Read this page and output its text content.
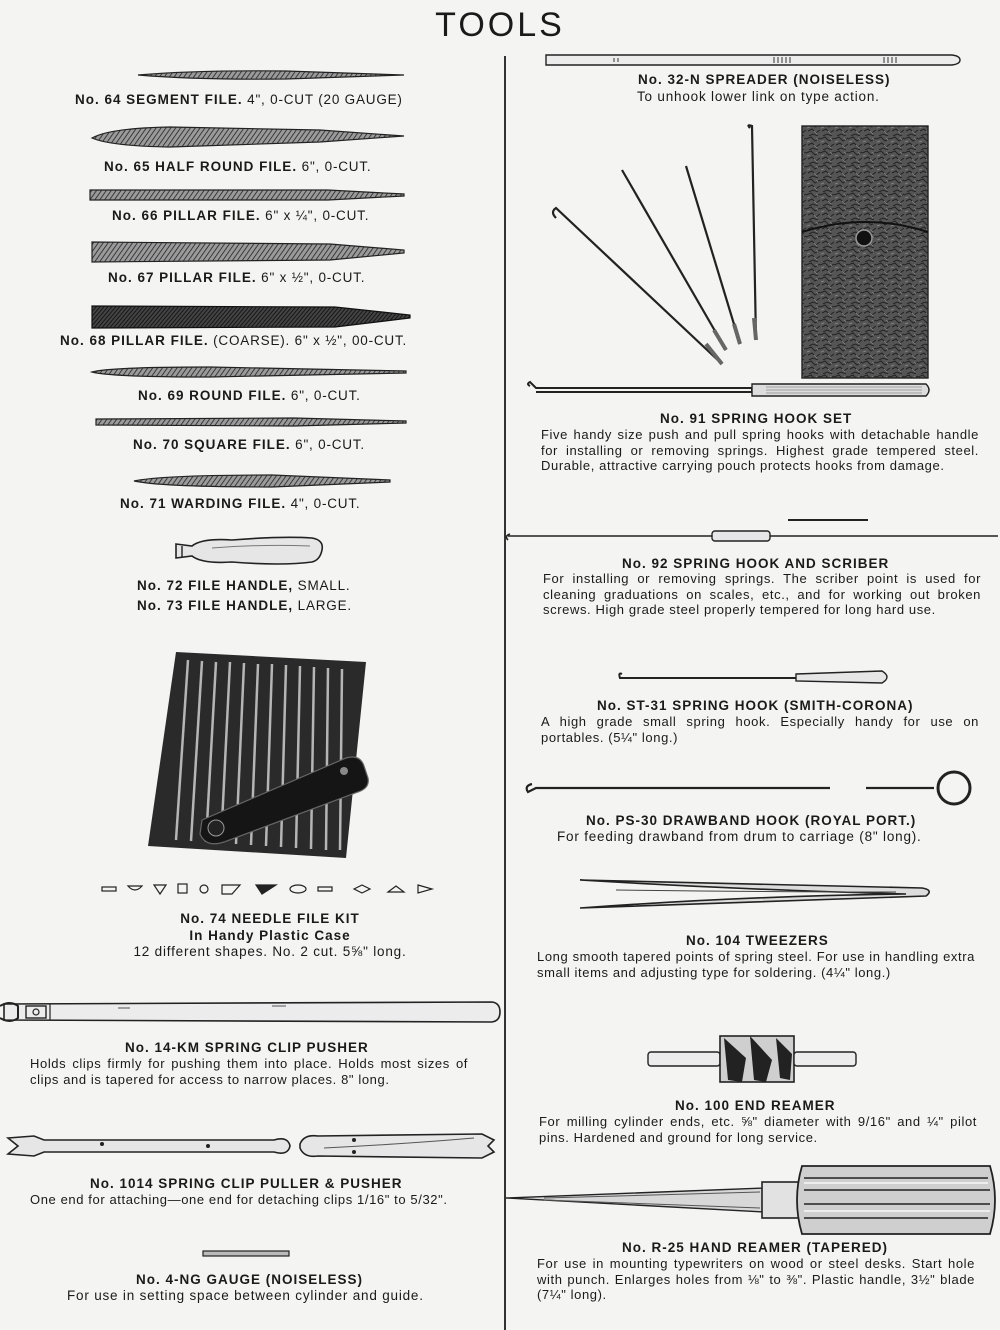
TOOLS
No. 64 SEGMENT FILE. 4", 0-CUT (20 GAUGE)
No. 65 HALF ROUND FILE. 6", 0-CUT.
No. 66 PILLAR FILE. 6" x ¼", 0-CUT.
No. 67 PILLAR FILE. 6" x ½", 0-CUT.
No. 68 PILLAR FILE. (COARSE). 6" x ½", 00-CUT.
No. 69 ROUND FILE. 6", 0-CUT.
No. 70 SQUARE FILE. 6", 0-CUT.
No. 71 WARDING FILE. 4", 0-CUT.
No. 72 FILE HANDLE, SMALL.
No. 73 FILE HANDLE, LARGE.
No. 74 NEEDLE FILE KIT
In Handy Plastic Case
12 different shapes. No. 2 cut. 5⅝" long.
No. 14-KM SPRING CLIP PUSHER
Holds clips firmly for pushing them into place. Holds most sizes of clips and is tapered for access to narrow places. 8" long.
No. 1014 SPRING CLIP PULLER & PUSHER
One end for attaching—one end for detaching clips 1/16" to 5/32".
No. 4-NG GAUGE (NOISELESS)
For use in setting space between cylinder and guide.
No. 32-N SPREADER (NOISELESS)
To unhook lower link on type action.
No. 91 SPRING HOOK SET
Five handy size push and pull spring hooks with detachable handle for installing or removing springs. Highest grade tempered steel. Durable, attractive carrying pouch protects hooks from damage.
No. 92 SPRING HOOK AND SCRIBER
For installing or removing springs. The scriber point is used for cleaning graduations on scales, etc., and for working out broken screws. High grade steel properly tempered for long hard use.
No. ST-31 SPRING HOOK (SMITH-CORONA)
A high grade small spring hook. Especially handy for use on portables. (5¼" long.)
No. PS-30 DRAWBAND HOOK (ROYAL PORT.)
For feeding drawband from drum to carriage (8" long).
No. 104 TWEEZERS
Long smooth tapered points of spring steel. For use in handling extra small items and adjusting type for soldering. (4¼" long.)
No. 100 END REAMER
For milling cylinder ends, etc. ⅝" diameter with 9/16" and ¼" pilot pins. Hardened and ground for long service.
No. R-25 HAND REAMER (TAPERED)
For use in mounting typewriters on wood or steel desks. Start hole with punch. Enlarges holes from ⅛" to ⅜". Plastic handle, 3½" blade (7¼" long).
